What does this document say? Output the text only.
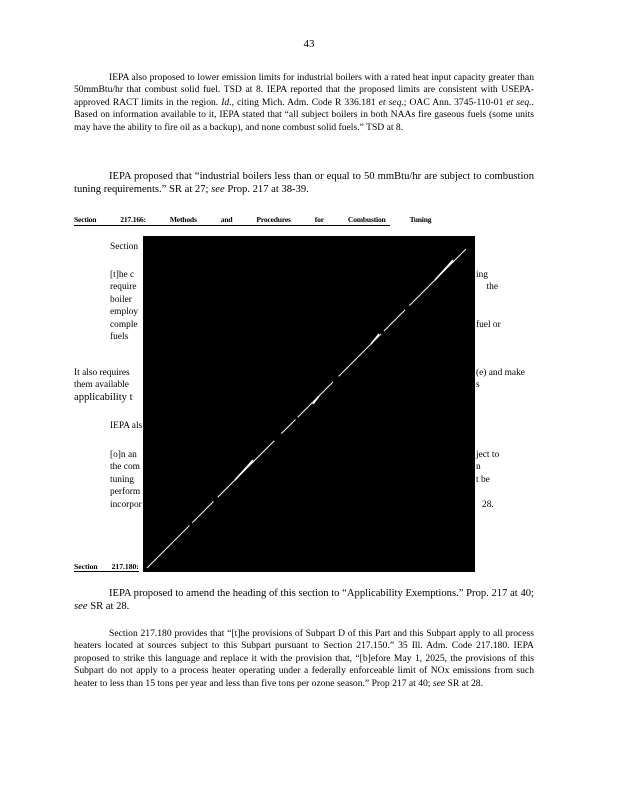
43

IEPA also proposed to lower emission limits for industrial boilers with a rated heat input capacity greater than 50mmBtu/hr that combust solid fuel. TSD at 8. IEPA reported that the proposed limits are consistent with USEPA-approved RACT limits in the region. Id., citing Mich. Adm. Code R 336.181 et seq.; OAC Ann. 3745-110-01 et seq.. Based on information available to it, IEPA stated that “all subject boilers in both NAAs fire gaseous fuels (some units may have the ability to fire oil as a backup), and none combust solid fuels.” TSD at 8.

IEPA proposed that “industrial boilers less than or equal to 50 mmBtu/hr are subject to combustion tuning requirements.” SR at 27; see Prop. 217 at 38-39.

Section	217.166:	Methods	and	Procedures	for	Combustion	Tuning
Section
[t]he c
require
boiler
employ
comple
fuels
ing
the
fuel or
It also requires
them available
applicability t
(e) and make
s
IEPA als
[o]n an
the com
tuning
perform
incorpor
ject to
n
t be
28.
Section 217.180:

IEPA proposed to amend the heading of this section to “Applicability Exemptions.” Prop. 217 at 40; see SR at 28.

Section 217.180 provides that “[t]he provisions of Subpart D of this Part and this Subpart apply to all process heaters located at sources subject to this Subpart pursuant to Section 217.150.” 35 Ill. Adm. Code 217.180. IEPA proposed to strike this language and replace it with the provision that, “[b]efore May 1, 2025, the provisions of this Subpart do not apply to a process heater operating under a federally enforceable limit of NOx emissions from such heater to less than 15 tons per year and less than five tons per ozone season.” Prop 217 at 40; see SR at 28.
